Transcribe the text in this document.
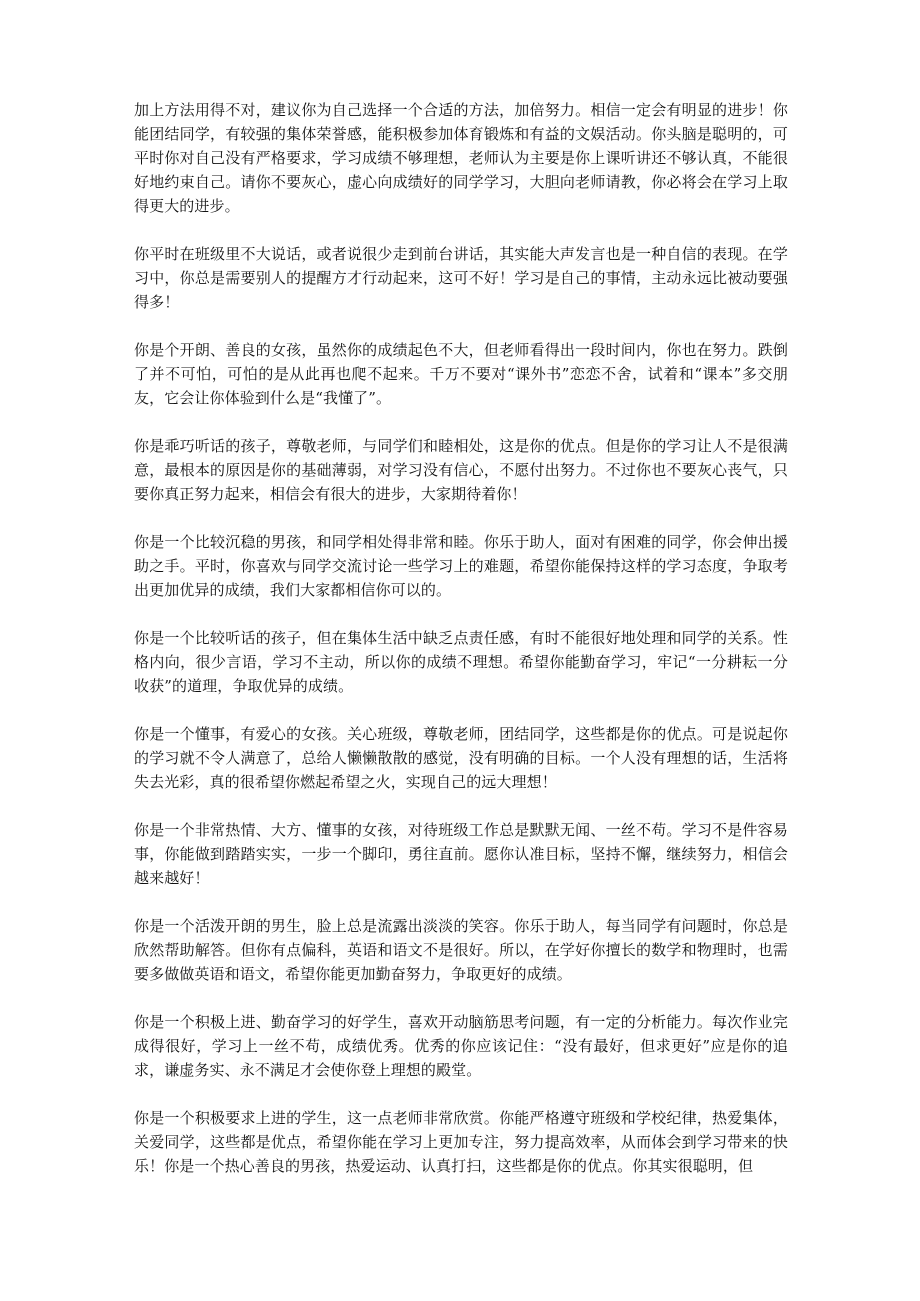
加上方法用得不对，建议你为自己选择一个合适的方法，加倍努力。相信一定会有明显的进步！你能团结同学，有较强的集体荣誉感，能积极参加体育锻炼和有益的文娱活动。你头脑是聪明的，可平时你对自己没有严格要求，学习成绩不够理想，老师认为主要是你上课听讲还不够认真，不能很好地约束自己。请你不要灰心，虚心向成绩好的同学学习，大胆向老师请教，你必将会在学习上取得更大的进步。

你平时在班级里不大说话，或者说很少走到前台讲话，其实能大声发言也是一种自信的表现。在学习中，你总是需要别人的提醒方才行动起来，这可不好！学习是自己的事情，主动永远比被动要强得多！

你是个开朗、善良的女孩，虽然你的成绩起色不大，但老师看得出一段时间内，你也在努力。跌倒了并不可怕，可怕的是从此再也爬不起来。千万不要对“课外书”恋恋不舍，试着和“课本”多交朋友，它会让你体验到什么是“我懂了”。

你是乖巧听话的孩子，尊敬老师，与同学们和睦相处，这是你的优点。但是你的学习让人不是很满意，最根本的原因是你的基础薄弱，对学习没有信心，不愿付出努力。不过你也不要灰心丧气，只要你真正努力起来，相信会有很大的进步，大家期待着你！

你是一个比较沉稳的男孩，和同学相处得非常和睦。你乐于助人，面对有困难的同学，你会伸出援助之手。平时，你喜欢与同学交流讨论一些学习上的难题，希望你能保持这样的学习态度，争取考出更加优异的成绩，我们大家都相信你可以的。

你是一个比较听话的孩子，但在集体生活中缺乏点责任感，有时不能很好地处理和同学的关系。性格内向，很少言语，学习不主动，所以你的成绩不理想。希望你能勤奋学习，牢记“一分耕耘一分收获”的道理，争取优异的成绩。

你是一个懂事，有爱心的女孩。关心班级，尊敬老师，团结同学，这些都是你的优点。可是说起你的学习就不令人满意了，总给人懒懒散散的感觉，没有明确的目标。一个人没有理想的话，生活将失去光彩，真的很希望你燃起希望之火，实现自己的远大理想！

你是一个非常热情、大方、懂事的女孩，对待班级工作总是默默无闻、一丝不苟。学习不是件容易事，你能做到踏踏实实，一步一个脚印，勇往直前。愿你认准目标，坚持不懈，继续努力，相信会越来越好！

你是一个活泼开朗的男生，脸上总是流露出淡淡的笑容。你乐于助人，每当同学有问题时，你总是欣然帮助解答。但你有点偏科，英语和语文不是很好。所以，在学好你擅长的数学和物理时，也需要多做做英语和语文，希望你能更加勤奋努力，争取更好的成绩。

你是一个积极上进、勤奋学习的好学生，喜欢开动脑筋思考问题，有一定的分析能力。每次作业完成得很好，学习上一丝不苟，成绩优秀。优秀的你应该记住：“没有最好，但求更好”应是你的追求，谦虚务实、永不满足才会使你登上理想的殿堂。

你是一个积极要求上进的学生，这一点老师非常欣赏。你能严格遵守班级和学校纪律，热爱集体，关爱同学，这些都是优点，希望你能在学习上更加专注，努力提高效率，从而体会到学习带来的快乐！你是一个热心善良的男孩，热爱运动、认真打扫，这些都是你的优点。你其实很聪明，但
